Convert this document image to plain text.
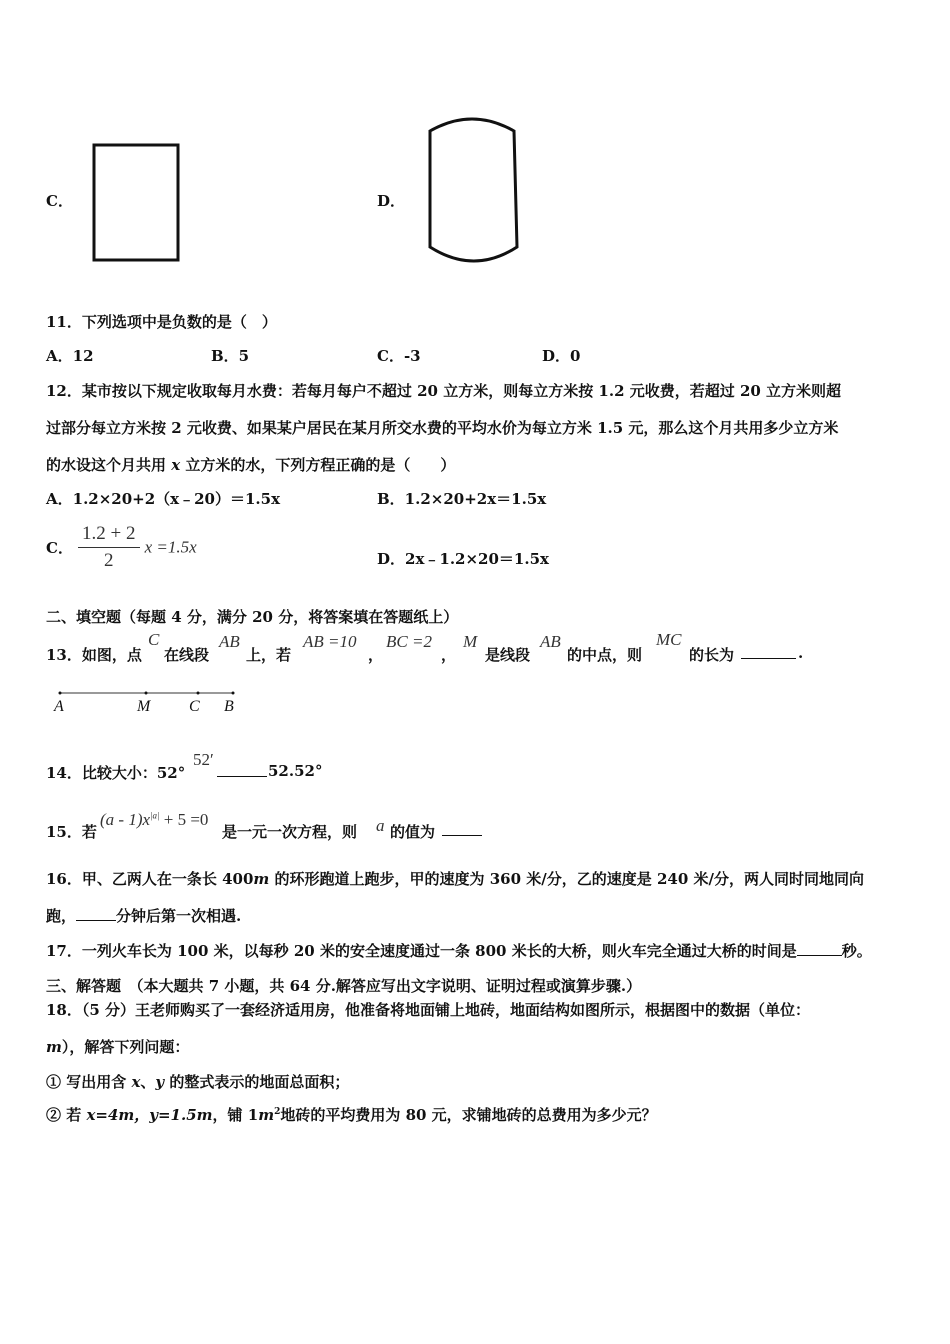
C．	D．
11．下列选项中是负数的是（　）
A．12	B．5	C．-3	D．0
12．某市按以下规定收取每月水费：若每月每户不超过 20 立方米，则每立方米按 1.2 元收费，若超过 20 立方米则超
过部分每立方米按 2 元收费、如果某户居民在某月所交水费的平均水价为每立方米 1.5 元，那么这个月共用多少立方米
的水设这个月共用 x 立方米的水，下列方程正确的是（　　）
A．1.2×20+2（x﹣20）＝1.5x	B．1.2×20+2x＝1.5x
C． $\frac{1.2 + 2}{2}$ x =1.5x
D．2x﹣1.2×20＝1.5x
二、填空题（每题 4 分，满分 20 分，将答案填在答题纸上）
13．如图，点
C
在线段
AB
上，若
AB =10
，
BC =2
，
M
是线段
AB
的中点，则
MC
的长为	.
A	M C B
14．比较大小：52°
52′
52.52°
15．若
$(a - 1)x^{|a|} + 5 =0$
是一元一次方程，则 a 的值为
16．甲、乙两人在一条长 400m 的环形跑道上跑步，甲的速度为 360 米/分，乙的速度是 240 米/分，两人同时同地同向
跑，	分钟后第一次相遇.
17．一列火车长为 100 米，以每秒 20 米的安全速度通过一条 800 米长的大桥，则火车完全通过大桥的时间是	秒。
三、解答题　（本大题共 7 小题，共 64 分.解答应写出文字说明、证明过程或演算步骤.）
18．（5 分）王老师购买了一套经济适用房，他准备将地面铺上地砖，地面结构如图所示，根据图中的数据（单位：
m），解答下列问题：
① 写出用含 x、y 的整式表示的地面总面积；
② 若 x=4m，y=1.5m，铺 $1m^2$地砖的平均费用为 80 元，求铺地砖的总费用为多少元？
